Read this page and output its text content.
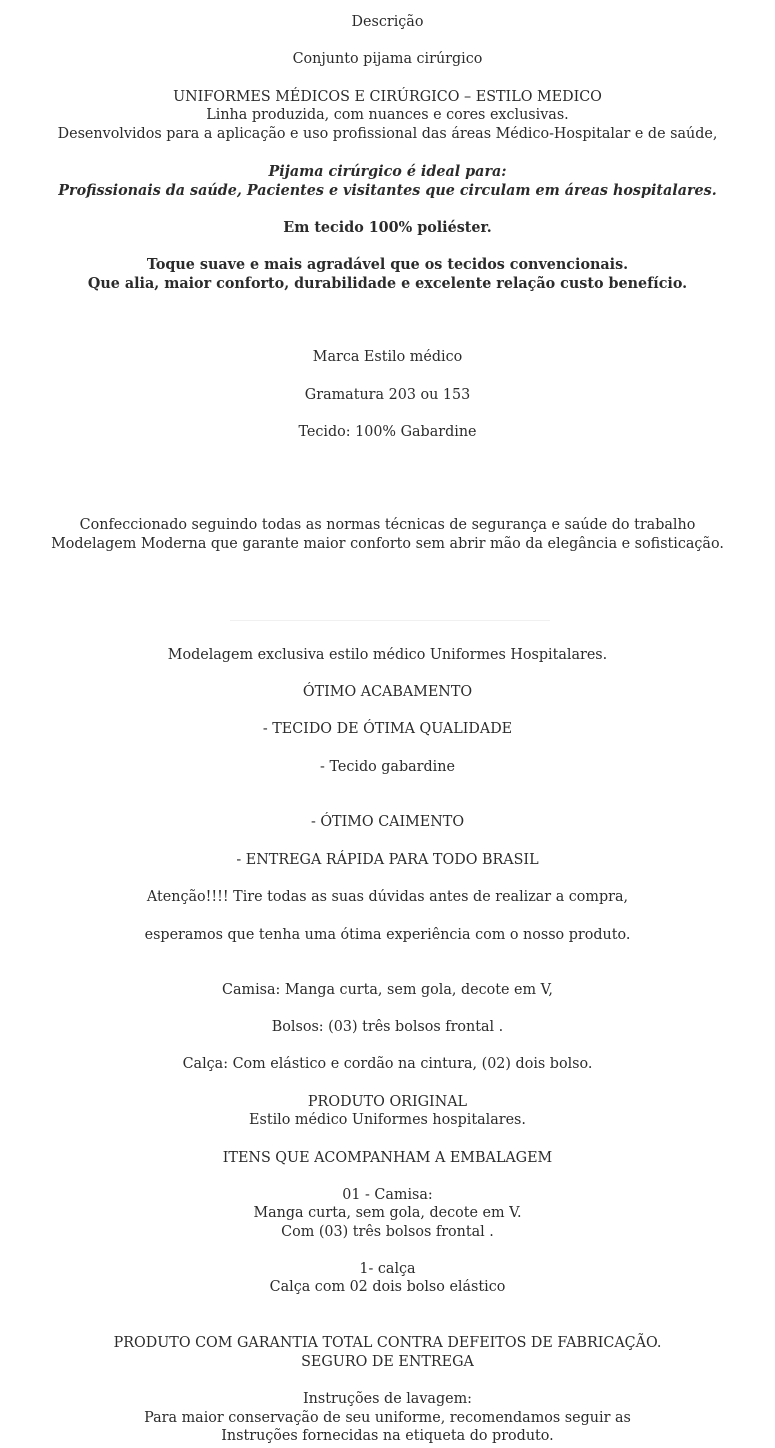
Descrição
Conjunto pijama cirúrgico
UNIFORMES MÉDICOS E CIRÚRGICO – ESTILO MEDICO
Linha produzida, com nuances e cores exclusivas.
Desenvolvidos para a aplicação e uso profissional das áreas Médico-Hospitalar e de saúde,
Pijama cirúrgico é ideal para:
Profissionais da saúde, Pacientes e visitantes que circulam em áreas hospitalares.
Em tecido 100% poliéster.
Toque suave e mais agradável que os tecidos convencionais.
Que alia, maior conforto, durabilidade e excelente relação custo benefício.
Marca Estilo médico
Gramatura 203 ou 153
Tecido: 100% Gabardine
Confeccionado seguindo todas as normas técnicas de segurança e saúde do trabalho
Modelagem Moderna que garante maior conforto sem abrir mão da elegância e sofisticação.
Modelagem exclusiva estilo médico Uniformes Hospitalares.
ÓTIMO ACABAMENTO
- TECIDO DE ÓTIMA QUALIDADE
- Tecido gabardine
- ÓTIMO CAIMENTO
- ENTREGA RÁPIDA PARA TODO BRASIL
Atenção!!!! Tire todas as suas dúvidas antes de realizar a compra,
esperamos que tenha uma ótima experiência com o nosso produto.
Camisa: Manga curta, sem gola, decote em V,
Bolsos: (03) três bolsos frontal .
Calça: Com elástico e cordão na cintura, (02) dois bolso.
PRODUTO ORIGINAL
Estilo médico Uniformes hospitalares.
ITENS QUE ACOMPANHAM A EMBALAGEM
01 - Camisa:
Manga curta, sem gola, decote em V.
Com (03) três bolsos frontal .
1- calça
Calça com 02 dois bolso elástico
PRODUTO COM GARANTIA TOTAL CONTRA DEFEITOS DE FABRICAÇÃO.
SEGURO DE ENTREGA
Instruções de lavagem:
Para maior conservação de seu uniforme, recomendamos seguir as
Instruções fornecidas na etiqueta do produto.
